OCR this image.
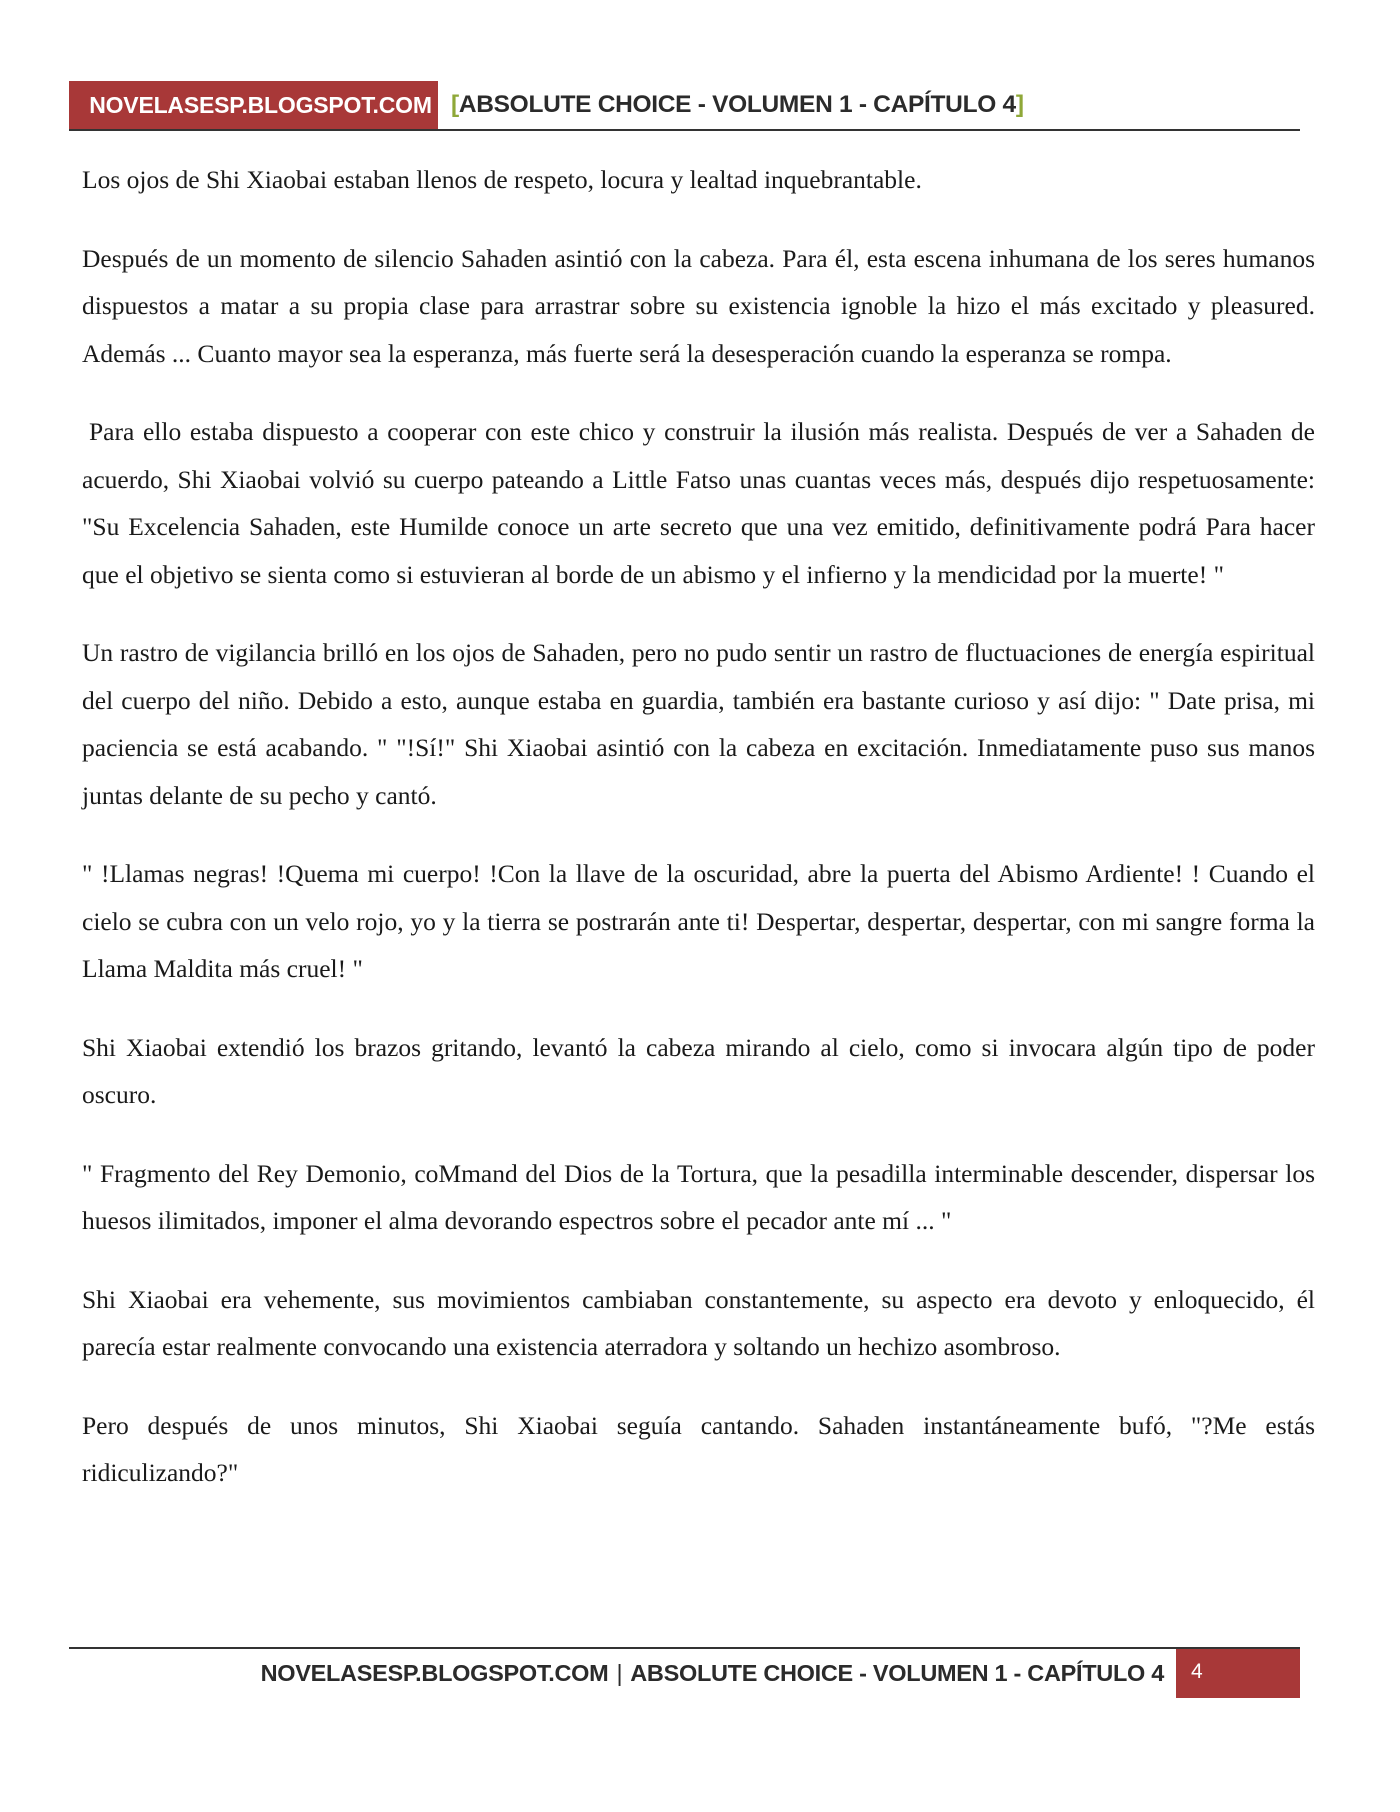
NOVELASESP.BLOGSPOT.COM [ABSOLUTE CHOICE - VOLUMEN 1 - CAPÍTULO 4]

Los ojos de Shi Xiaobai estaban llenos de respeto, locura y lealtad inquebrantable.

Después de un momento de silencio Sahaden asintió con la cabeza. Para él, esta escena inhumana de los seres humanos dispuestos a matar a su propia clase para arrastrar sobre su existencia ignoble la hizo el más excitado y pleasured. Además ... Cuanto mayor sea la esperanza, más fuerte será la desesperación cuando la esperanza se rompa.

Para ello estaba dispuesto a cooperar con este chico y construir la ilusión más realista. Después de ver a Sahaden de acuerdo, Shi Xiaobai volvió su cuerpo pateando a Little Fatso unas cuantas veces más, después dijo respetuosamente: "Su Excelencia Sahaden, este Humilde conoce un arte secreto que una vez emitido, definitivamente podrá Para hacer que el objetivo se sienta como si estuvieran al borde de un abismo y el infierno y la mendicidad por la muerte! "

Un rastro de vigilancia brilló en los ojos de Sahaden, pero no pudo sentir un rastro de fluctuaciones de energía espiritual del cuerpo del niño. Debido a esto, aunque estaba en guardia, también era bastante curioso y así dijo: " Date prisa, mi paciencia se está acabando. " "!Sí!" Shi Xiaobai asintió con la cabeza en excitación. Inmediatamente puso sus manos juntas delante de su pecho y cantó.

" !Llamas negras! !Quema mi cuerpo! !Con la llave de la oscuridad, abre la puerta del Abismo Ardiente! ! Cuando el cielo se cubra con un velo rojo, yo y la tierra se postrarán ante ti! Despertar, despertar, despertar, con mi sangre forma la Llama Maldita más cruel! "

Shi Xiaobai extendió los brazos gritando, levantó la cabeza mirando al cielo, como si invocara algún tipo de poder oscuro.

" Fragmento del Rey Demonio, coMmand del Dios de la Tortura, que la pesadilla interminable descender, dispersar los huesos ilimitados, imponer el alma devorando espectros sobre el pecador ante mí ... "

Shi Xiaobai era vehemente, sus movimientos cambiaban constantemente, su aspecto era devoto y enloquecido, él parecía estar realmente convocando una existencia aterradora y soltando un hechizo asombroso.

Pero después de unos minutos, Shi Xiaobai seguía cantando. Sahaden instantáneamente bufó, "?Me estás ridiculizando?"

NOVELASESP.BLOGSPOT.COM | ABSOLUTE CHOICE - VOLUMEN 1 - CAPÍTULO 4	4
